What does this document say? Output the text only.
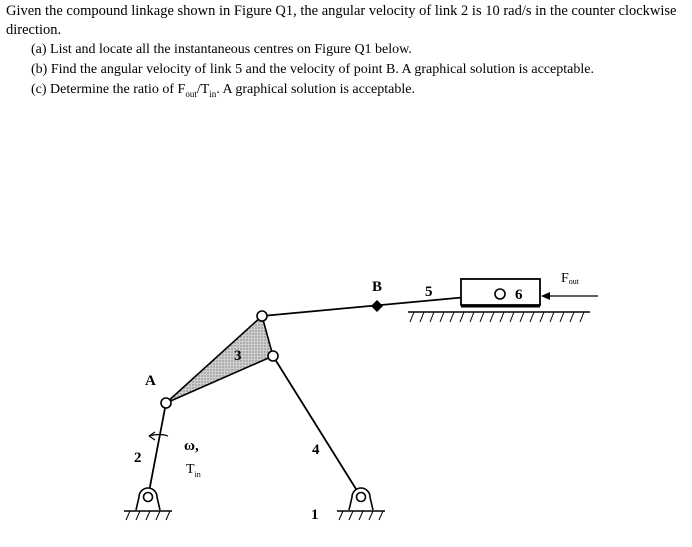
Given the compound linkage shown in Figure Q1, the angular velocity of link 2 is 10 rad/s in the counter clockwise direction.

(a) List and locate all the instantaneous centres on Figure Q1 below.

(b) Find the angular velocity of link 5 and the velocity of point B. A graphical solution is acceptable.

(c) Determine the ratio of $F_{out}/T_{in}$. A graphical solution is acceptable.

A
B
1
2
3
4
5	6
ω,
$T_{in}$
Fout
